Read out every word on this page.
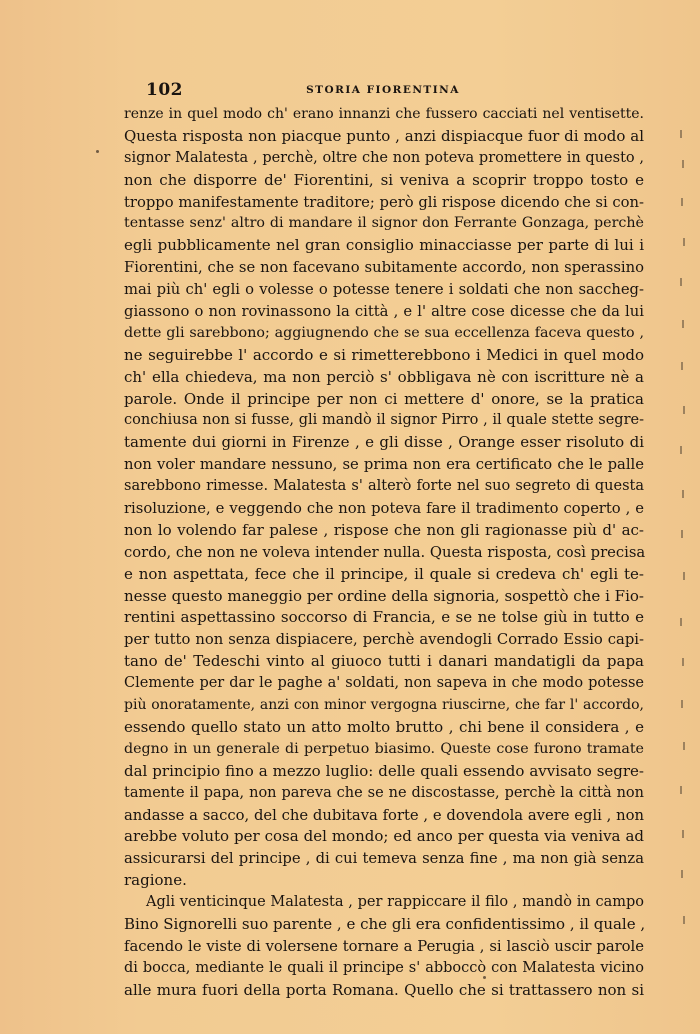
102	STORIA FIORENTINA
renze in quel modo ch' erano innanzi che fussero cacciati nel ventisette.
Questa risposta non piacque punto , anzi dispiacque fuor di modo al
signor Malatesta , perchè, oltre che non poteva promettere in questo ,
non che disporre de' Fiorentini, si veniva a scoprir troppo tosto e
troppo manifestamente traditore; però gli rispose dicendo che si con-
tentasse senz' altro di mandare il signor don Ferrante Gonzaga, perchè
egli pubblicamente nel gran consiglio minacciasse per parte di lui i
Fiorentini, che se non facevano subitamente accordo, non sperassino
mai più ch' egli o volesse o potesse tenere i soldati che non saccheg-
giassono o non rovinassono la città , e l' altre cose dicesse che da lui
dette gli sarebbono; aggiugnendo che se sua eccellenza faceva questo ,
ne seguirebbe l' accordo e si rimetterebbono i Medici in quel modo
ch' ella chiedeva, ma non perciò s' obbligava nè con iscritture nè a
parole. Onde il principe per non ci mettere d' onore, se la pratica
conchiusa non si fusse, gli mandò il signor Pirro , il quale stette segre-
tamente dui giorni in Firenze , e gli disse , Orange esser risoluto di
non voler mandare nessuno, se prima non era certificato che le palle
sarebbono rimesse. Malatesta s' alterò forte nel suo segreto di questa
risoluzione, e veggendo che non poteva fare il tradimento coperto , e
non lo volendo far palese , rispose che non gli ragionasse più d' ac-
cordo, che non ne voleva intender nulla. Questa risposta, così precisa
e non aspettata, fece che il principe, il quale si credeva ch' egli te-
nesse questo maneggio per ordine della signoria, sospettò che i Fio-
rentini aspettassino soccorso di Francia, e se ne tolse giù in tutto e
per tutto non senza dispiacere, perchè avendogli Corrado Essio capi-
tano de' Tedeschi vinto al giuoco tutti i danari mandatigli da papa
Clemente per dar le paghe a' soldati, non sapeva in che modo potesse
più onoratamente, anzi con minor vergogna riuscirne, che far l' accordo,
essendo quello stato un atto molto brutto , chi bene il considera , e
degno in un generale di perpetuo biasimo. Queste cose furono tramate
dal principio fino a mezzo luglio: delle quali essendo avvisato segre-
tamente il papa, non pareva che se ne discostasse, perchè la città non
andasse a sacco, del che dubitava forte , e dovendola avere egli , non
arebbe voluto per cosa del mondo; ed anco per questa via veniva ad
assicurarsi del principe , di cui temeva senza fine , ma non già senza
ragione.
Agli venticinque Malatesta , per rappiccare il filo , mandò in campo
Bino Signorelli suo parente , e che gli era confidentissimo , il quale ,
facendo le viste di volersene tornare a Perugia , si lasciò uscir parole
di bocca, mediante le quali il principe s' abboccò con Malatesta vicino
alle mura fuori della porta Romana. Quello che si trattassero non si
